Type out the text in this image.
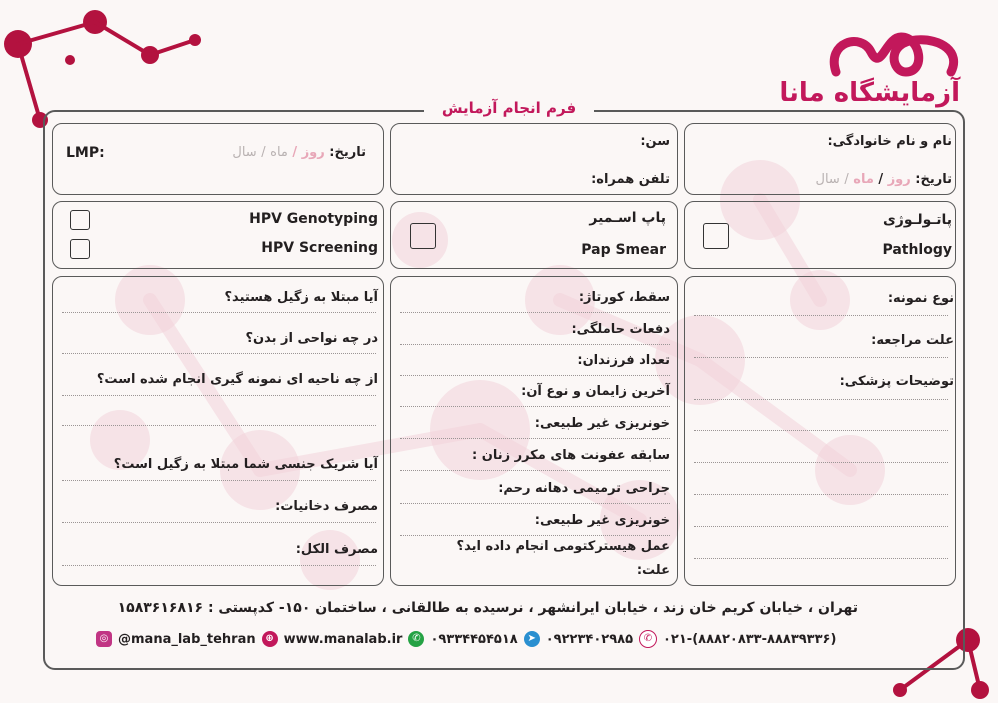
آزمایشگاه مانا
فرم انجام آزمایش
نام و نام خانوادگی:
تاریخ: روز / ماه / سال
سن:
تلفن همراه:
تاریخ: روز / ماه / سال
LMP:
پاتـولـوژی
Pathlogy
پاپ اسـمیر
Pap Smear
HPV Genotyping
HPV Screening
نوع نمونه:
علت مراجعه:
توضیحات پزشکی:
سقط، کورتاژ:
دفعات حاملگی:
تعداد فرزندان:
آخرین زایمان و نوع آن:
خونریزی غیر طبیعی:
سابقه عفونت های مکرر زنان :
جراحی ترمیمی دهانه رحم:
خونریزی غیر طبیعی:
عمل هیسترکتومی انجام داده اید؟
علت:
آیا مبتلا به زگیل هستید؟
در چه نواحی از بدن؟
از چه ناحیه ای نمونه گیری انجام شده است؟
آیا شریک جنسی شما مبتلا به زگیل است؟
مصرف دخانیات:
مصرف الکل:
تهران ، خیابان کریم خان زند ، خیابان ایرانشهر ، نرسیده به طالقانی ، ساختمان ۱۵۰- کدپستی : ۱۵۸۳۶۱۶۸۱۶
◎ @mana_lab_tehran ⊕ www.manalab.ir ✆ ۰۹۳۳۴۴۵۴۵۱۸ ➤ ۰۹۲۲۳۴۰۲۹۸۵	✆ ۰۲۱-(۸۸۸۲۰۸۳۳-۸۸۸۳۹۳۳۶)
